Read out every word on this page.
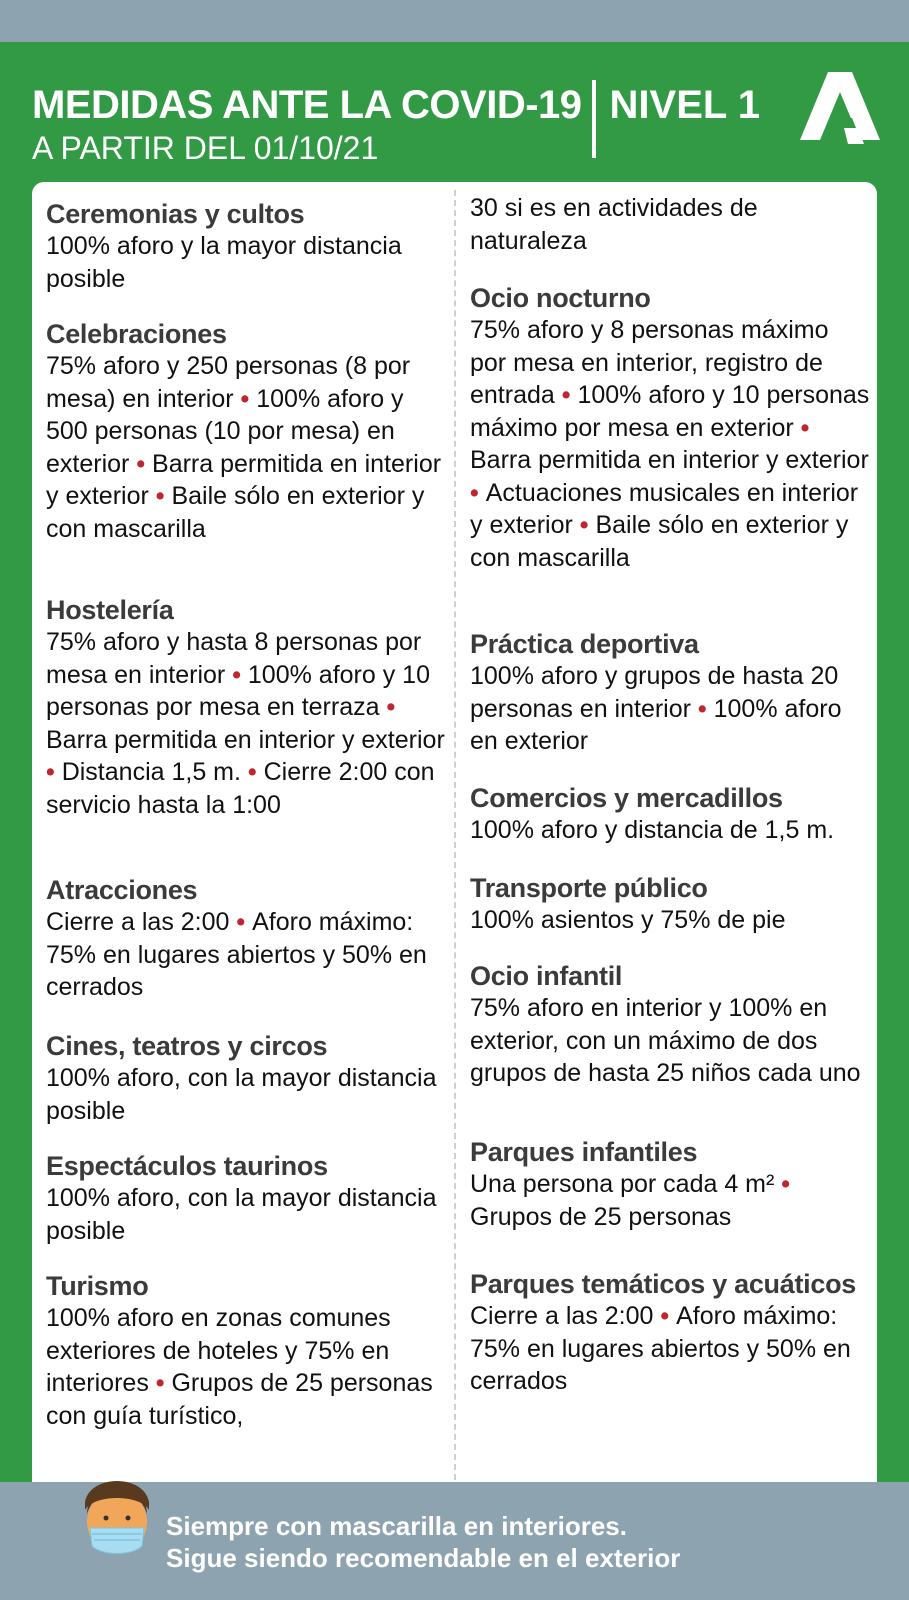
MEDIDAS ANTE LA COVID-19 NIVEL 1
A PARTIR DEL 01/10/21
Ceremonias y cultos

100% aforo y la mayor distancia posible

Celebraciones

75% aforo y 250 personas (8 por mesa) en interior • 100% aforo y 500 personas (10 por mesa) en exterior • Barra permitida en interior y exterior • Baile sólo en exterior y con mascarilla

Hostelería

75% aforo y hasta 8 personas por mesa en interior • 100% aforo y 10 personas por mesa en terraza • Barra permitida en interior y exterior • Distancia 1,5 m. • Cierre 2:00 con servicio hasta la 1:00

Atracciones

Cierre a las 2:00 • Aforo máximo: 75% en lugares abiertos y 50% en cerrados

Cines, teatros y circos

100% aforo, con la mayor distancia posible

Espectáculos taurinos

100% aforo, con la mayor distancia posible

Turismo

100% aforo en zonas comunes exteriores de hoteles y 75% en interiores • Grupos de 25 personas con guía turístico,

30 si es en actividades de naturaleza

Ocio nocturno

75% aforo y 8 personas máximo por mesa en interior, registro de entrada • 100% aforo y 10 personas máximo por mesa en exterior • Barra permitida en interior y exterior • Actuaciones musicales en interior y exterior • Baile sólo en exterior y con mascarilla

Práctica deportiva

100% aforo y grupos de hasta 20 personas en interior • 100% aforo en exterior

Comercios y mercadillos

100% aforo y distancia de 1,5 m.

Transporte público

100% asientos y 75% de pie

Ocio infantil

75% aforo en interior y 100% en exterior, con un máximo de dos grupos de hasta 25 niños cada uno

Parques infantiles

Una persona por cada 4 m² • Grupos de 25 personas

Parques temáticos y acuáticos

Cierre a las 2:00 • Aforo máximo: 75% en lugares abiertos y 50% en cerrados

Siempre con mascarilla en interiores.
Sigue siendo recomendable en el exterior
